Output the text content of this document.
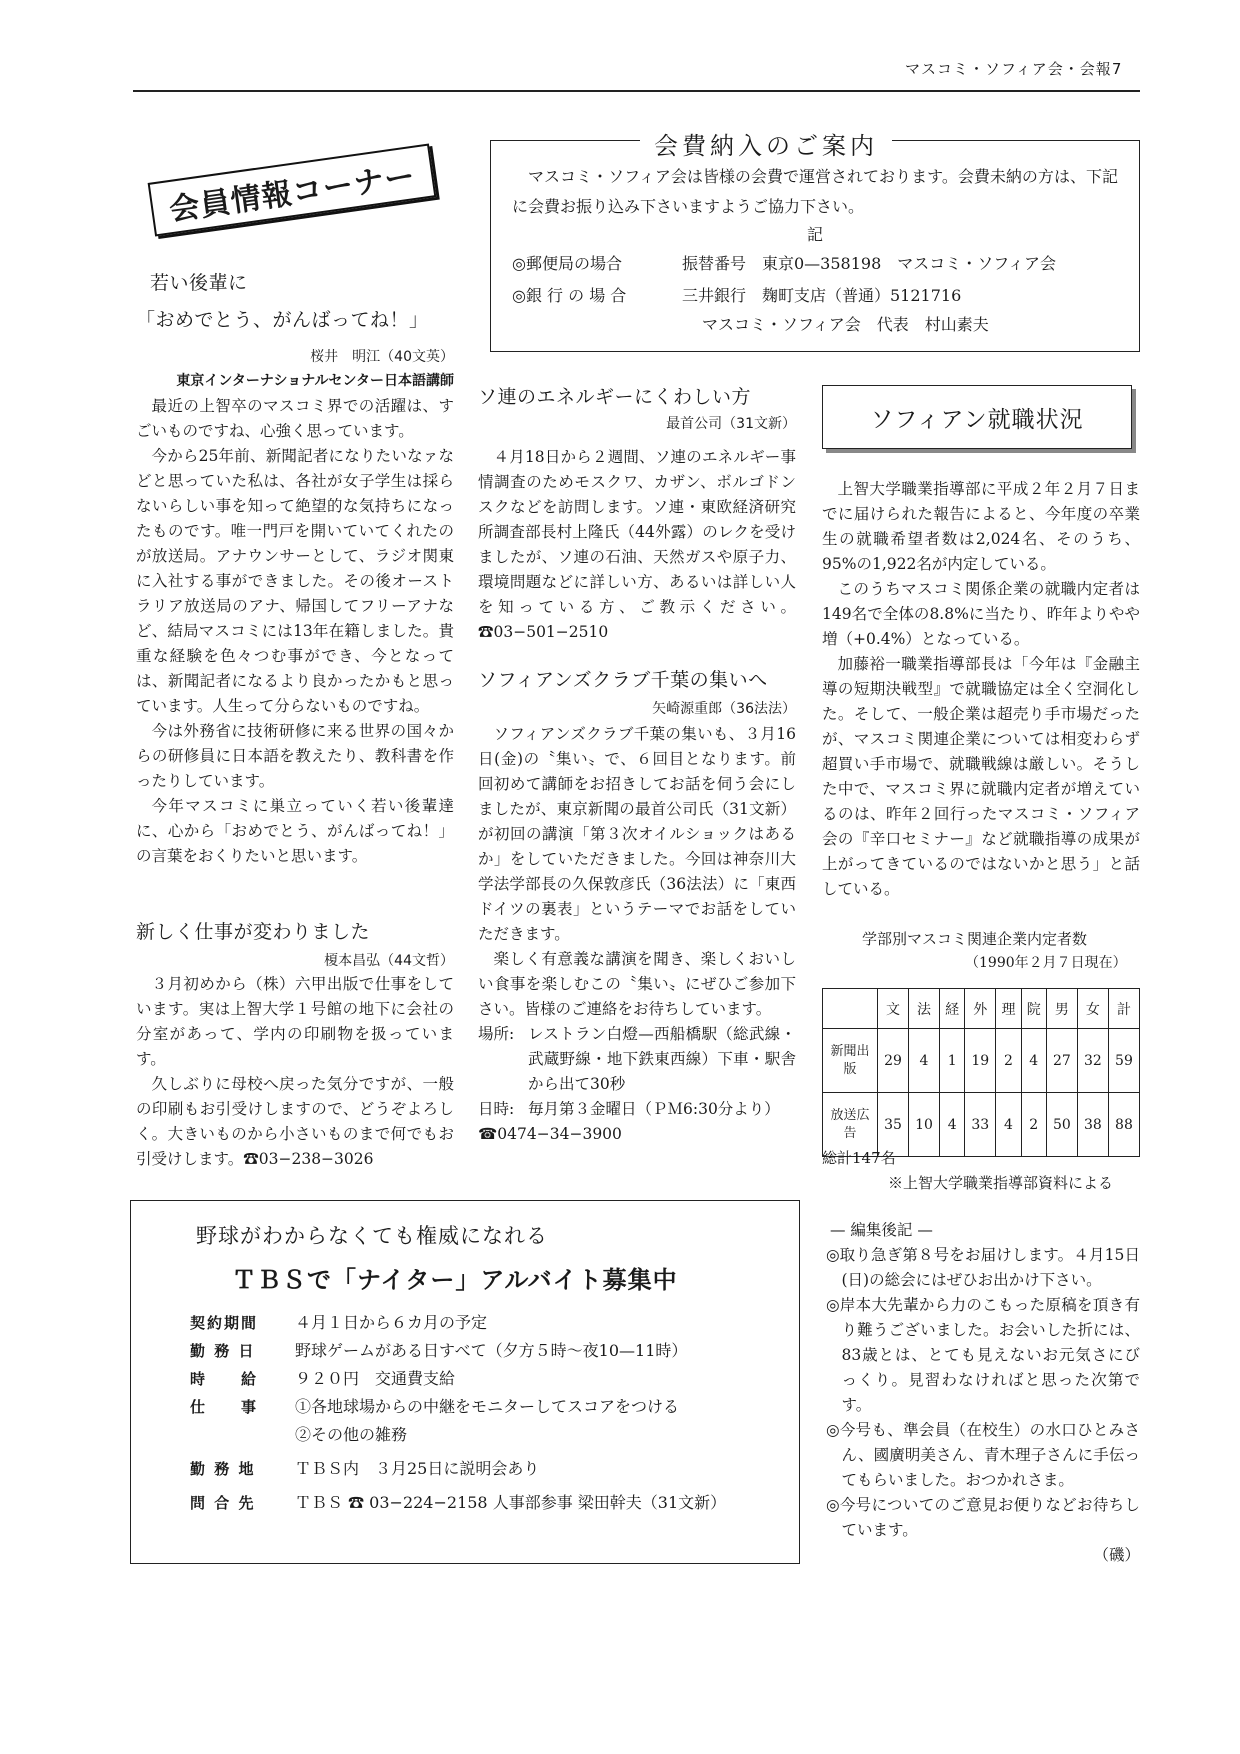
マスコミ・ソフィア会・会報7
会員情報コーナー

若い後輩に

「おめでとう、がんばってね！」

桜井　明江（40文英）

東京インターナショナルセンター日本語講師

最近の上智卒のマスコミ界での活躍は、すごいものですね、心強く思っています。

今から25年前、新聞記者になりたいなァなどと思っていた私は、各社が女子学生は採らないらしい事を知って絶望的な気持ちになったものです。唯一門戸を開いていてくれたのが放送局。アナウンサーとして、ラジオ関東に入社する事ができました。その後オーストラリア放送局のアナ、帰国してフリーアナなど、結局マスコミには13年在籍しました。貴重な経験を色々つむ事ができ、今となっては、新聞記者になるより良かったかもと思っています。人生って分らないものですね。

今は外務省に技術研修に来る世界の国々からの研修員に日本語を教えたり、教科書を作ったりしています。

今年マスコミに巣立っていく若い後輩達に、心から「おめでとう、がんばってね！」の言葉をおくりたいと思います。

新しく仕事が変わりました

榎本昌弘（44文哲）

３月初めから（株）六甲出版で仕事をしています。実は上智大学１号館の地下に会社の分室があって、学内の印刷物を扱っています。

久しぶりに母校へ戻った気分ですが、一般の印刷もお引受けしますので、どうぞよろしく。大きいものから小さいものまで何でもお引受けします。☎03−238−3026

会費納入のご案内

マスコミ・ソフィア会は皆様の会費で運営されております。会費未納の方は、下記に会費お振り込み下さいますようご協力下さい。

記

◎郵便局の場合	振替番号　東京0—358198　マスコミ・ソフィア会
◎銀 行 の 場 合	三井銀行　麹町支店（普通）5121716

マスコミ・ソフィア会　代表　村山素夫

ソ連のエネルギーにくわしい方

最首公司（31文新）

４月18日から２週間、ソ連のエネルギー事情調査のためモスクワ、カザン、ボルゴドンスクなどを訪問します。ソ連・東欧経済研究所調査部長村上隆氏（44外露）のレクを受けましたが、ソ連の石油、天然ガスや原子力、環境問題などに詳しい方、あるいは詳しい人を知っている方、ご教示ください。☎03−501−2510

ソフィアンズクラブ千葉の集いへ

矢崎源重郎（36法法）

ソフィアンズクラブ千葉の集いも、３月16日(金)の〝集い〟で、６回目となります。前回初めて講師をお招きしてお話を伺う会にしましたが、東京新聞の最首公司氏（31文新）が初回の講演「第３次オイルショックはあるか」をしていただきました。今回は神奈川大学法学部長の久保敦彦氏（36法法）に「東西ドイツの裏表」というテーマでお話をしていただきます。

楽しく有意義な講演を聞き、楽しくおいしい食事を楽しむこの〝集い〟にぜひご参加下さい。皆様のご連絡をお待ちしています。

場所: レストラン白燈—西船橋駅（総武線・武蔵野線・地下鉄東西線）下車・駅舎から出て30秒
日時: 毎月第３金曜日（ＰＭ6:30分より）

☎0474−34−3900

ソフィアン就職状況

上智大学職業指導部に平成２年２月７日までに届けられた報告によると、今年度の卒業生の就職希望者数は2,024名、そのうち、95%の1,922名が内定している。

このうちマスコミ関係企業の就職内定者は149名で全体の8.8%に当たり、昨年よりやや増（+0.4%）となっている。

加藤裕一職業指導部長は「今年は『金融主導の短期決戦型』で就職協定は全く空洞化した。そして、一般企業は超売り手市場だったが、マスコミ関連企業については相変わらず超買い手市場で、就職戦線は厳しい。そうした中で、マスコミ界に就職内定者が増えているのは、昨年２回行ったマスコミ・ソフィア会の『辛口セミナー』など就職指導の成果が上がってきているのではないかと思う」と話している。

学部別マスコミ関連企業内定者数
（1990年２月７日現在）
	文	法	経	外	理	院	男	女	計
新聞出版	29	4	1	19	2	4	27	32	59
放送広告	35	10	4	33	4	2	50	38	88
総計147名
※上智大学職業指導部資料による

野球がわからなくても権威になれる

ＴＢＳで「ナイター」アルバイト募集中

契約期間	４月１日から６カ月の予定
勤 務 日	野球ゲームがある日すべて（夕方５時〜夜10—11時）
時　　給	９２０円　交通費支給
仕　　事	①各地球場からの中継をモニターしてスコアをつける
②その他の雑務
勤 務 地	ＴＢＳ内　３月25日に説明会あり
問 合 先	ＴＢＳ ☎ 03−224−2158 人事部参事 梁田幹夫（31文新）

— 編集後記 —

◎取り急ぎ第８号をお届けします。４月15日(日)の総会にはぜひお出かけ下さい。

◎岸本大先輩から力のこもった原稿を頂き有り難うございました。お会いした折には、83歳とは、とても見えないお元気さにびっくり。見習わなければと思った次第です。

◎今号も、準会員（在校生）の水口ひとみさん、國廣明美さん、青木理子さんに手伝ってもらいました。おつかれさま。

◎今号についてのご意見お便りなどお待ちしています。

（磯）
